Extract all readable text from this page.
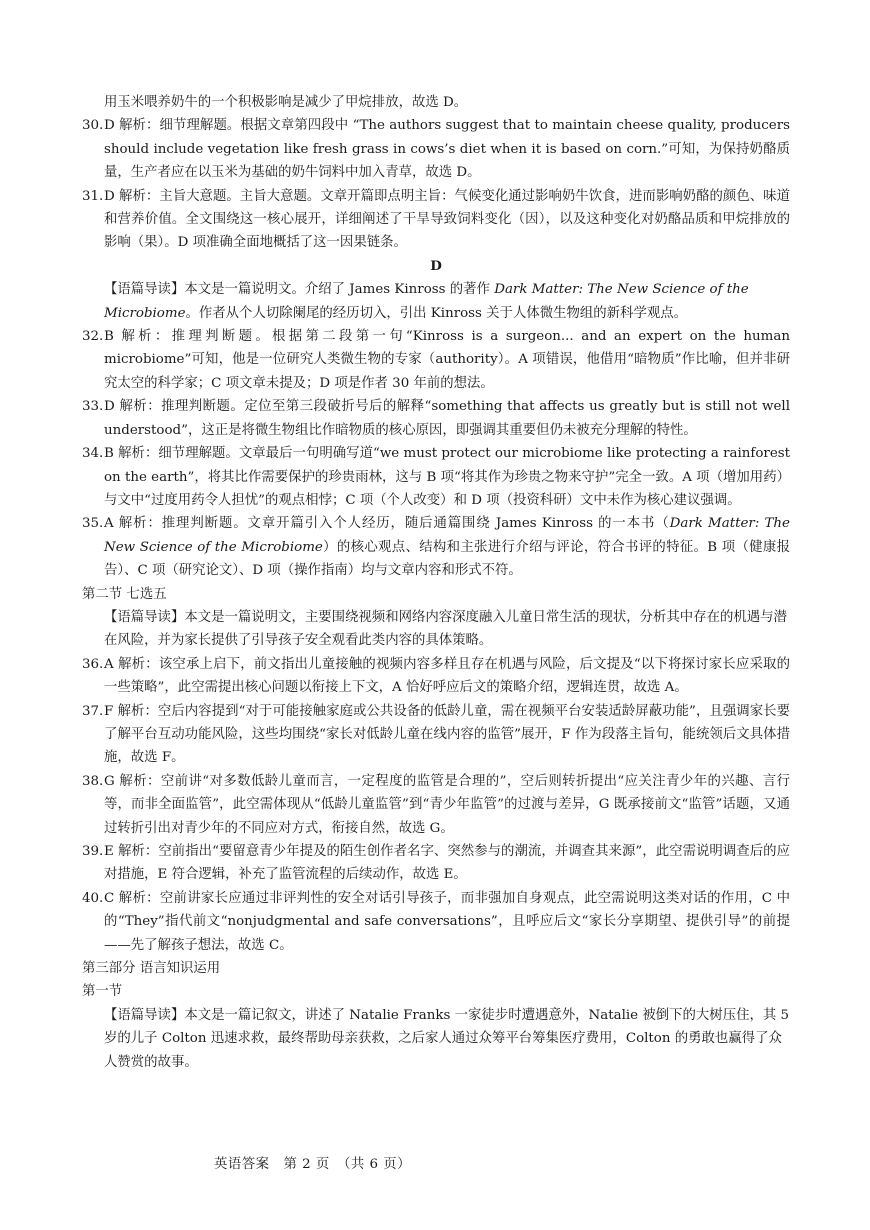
用玉米喂养奶牛的一个积极影响是减少了甲烷排放，故选 D。

30. D 解析：细节理解题。根据文章第四段中 “The authors suggest that to maintain cheese quality, producers should include vegetation like fresh grass in cows’s diet when it is based on corn.”可知，为保持奶酪质量，生产者应在以玉米为基础的奶牛饲料中加入青草，故选 D。
31. D 解析：主旨大意题。主旨大意题。文章开篇即点明主旨：气候变化通过影响奶牛饮食，进而影响奶酪的颜色、味道和营养价值。全文围绕这一核心展开，详细阐述了干旱导致饲料变化（因），以及这种变化对奶酪品质和甲烷排放的影响（果）。D 项准确全面地概括了这一因果链条。
D

【语篇导读】本文是一篇说明文。介绍了 James Kinross 的著作 Dark Matter: The New Science of the Microbiome。作者从个人切除阑尾的经历切入，引出 Kinross 关于人体微生物组的新科学观点。

32. B 解析：推理判断题。根据第二段第一句“Kinross is a surgeon... and an expert on the human microbiome”可知，他是一位研究人类微生物的专家（authority）。A 项错误，他借用“暗物质”作比喻，但并非研究太空的科学家；C 项文章未提及；D 项是作者 30 年前的想法。
33. D 解析：推理判断题。定位至第三段破折号后的解释“something that affects us greatly but is still not well understood”，这正是将微生物组比作暗物质的核心原因，即强调其重要但仍未被充分理解的特性。
34. B 解析：细节理解题。文章最后一句明确写道“we must protect our microbiome like protecting a rainforest on the earth”，将其比作需要保护的珍贵雨林，这与 B 项“将其作为珍贵之物来守护”完全一致。A 项（增加用药）与文中“过度用药令人担忧”的观点相悖；C 项（个人改变）和 D 项（投资科研）文中未作为核心建议强调。
35. A 解析：推理判断题。文章开篇引入个人经历，随后通篇围绕 James Kinross 的一本书（Dark Matter: The New Science of the Microbiome）的核心观点、结构和主张进行介绍与评论，符合书评的特征。B 项（健康报告）、C 项（研究论文）、D 项（操作指南）均与文章内容和形式不符。
第二节 七选五

【语篇导读】本文是一篇说明文，主要围绕视频和网络内容深度融入儿童日常生活的现状，分析其中存在的机遇与潜在风险，并为家长提供了引导孩子安全观看此类内容的具体策略。

36. A 解析：该空承上启下，前文指出儿童接触的视频内容多样且存在机遇与风险，后文提及“以下将探讨家长应采取的一些策略”，此空需提出核心问题以衔接上下文，A 恰好呼应后文的策略介绍，逻辑连贯，故选 A。
37. F 解析：空后内容提到“对于可能接触家庭或公共设备的低龄儿童，需在视频平台安装适龄屏蔽功能”，且强调家长要了解平台互动功能风险，这些均围绕“家长对低龄儿童在线内容的监管”展开，F 作为段落主旨句，能统领后文具体措施，故选 F。
38. G 解析：空前讲“对多数低龄儿童而言，一定程度的监管是合理的”，空后则转折提出“应关注青少年的兴趣、言行等，而非全面监管”，此空需体现从“低龄儿童监管”到“青少年监管”的过渡与差异，G 既承接前文“监管”话题，又通过转折引出对青少年的不同应对方式，衔接自然，故选 G。
39. E 解析：空前指出“要留意青少年提及的陌生创作者名字、突然参与的潮流，并调查其来源”，此空需说明调查后的应对措施，E 符合逻辑，补充了监管流程的后续动作，故选 E。
40. C 解析：空前讲家长应通过非评判性的安全对话引导孩子，而非强加自身观点，此空需说明这类对话的作用，C 中的“They”指代前文“nonjudgmental and safe conversations”，且呼应后文“家长分享期望、提供引导”的前提——先了解孩子想法，故选 C。
第三部分 语言知识运用
第一节

【语篇导读】本文是一篇记叙文，讲述了 Natalie Franks 一家徒步时遭遇意外，Natalie 被倒下的大树压住，其 5 岁的儿子 Colton 迅速求救，最终帮助母亲获救，之后家人通过众筹平台筹集医疗费用，Colton 的勇敢也赢得了众人赞赏的故事。

英语答案　第 2 页　（共 6 页）
